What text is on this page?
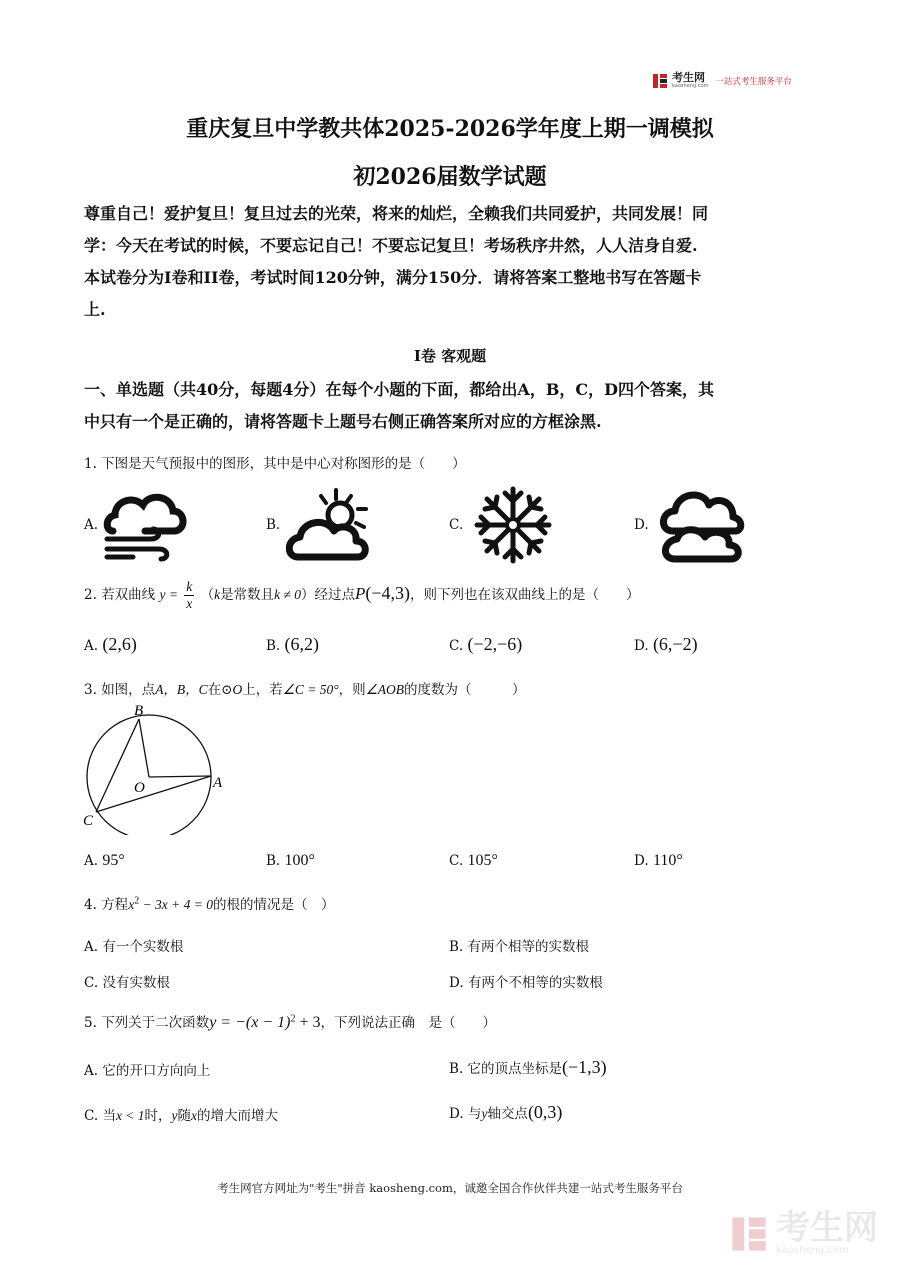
考生网
kaosheng.com 一站式考生服务平台
重庆复旦中学教共体2025-2026学年度上期一调模拟
初2026届数学试题
尊重自己！爱护复旦！复旦过去的光荣，将来的灿烂，全赖我们共同爱护，共同发展！同
学：今天在考试的时候，不要忘记自己！不要忘记复旦！考场秩序井然，人人洁身自爱.
本试卷分为I卷和II卷，考试时间120分钟，满分150分．请将答案工整地书写在答题卡
上.
I卷 客观题
一、单选题（共40分，每题4分）在每个小题的下面，都给出A，B，C，D四个答案，其
中只有一个是正确的，请将答题卡上题号右侧正确答案所对应的方框涂黑.
1. 下图是天气预报中的图形，其中是中心对称图形的是（　　）
A.	B.	C.	D.
2. 若双曲线 $y = \frac{k}{x} (k$是常数且k ≠ 0）经过点P(−4,3)，则下列也在该双曲线上的是（　　）
A. (2,6)	B. (6,2)	C. (−2,−6)	D. (6,−2)
3. 如图，点A，B，C在⊙O上，若∠C = 50°，则∠AOB的度数为（　　　）
B
A
C
O
A. 95°	B. 100°	C. 105°	D. 110°
4. 方程$x^2 - 3x + 4 = 0$的根的情况是（　）
A. 有一个实数根	B. 有两个相等的实数根
C. 没有实数根	D. 有两个不相等的实数根
5. 下列关于二次函数$y = -(x - 1)^2 + 3$，下列说法正确　是（　　）
A. 它的开口方向向上	B. 它的顶点坐标是(−1,3)
C. 当x < 1时，y随x的增大而增大	D. 与y轴交点(0,3)
考生网官方网址为"考生"拼音 kaosheng.com，诚邀全国合作伙伴共建一站式考生服务平台
考生网
kaosheng.com
